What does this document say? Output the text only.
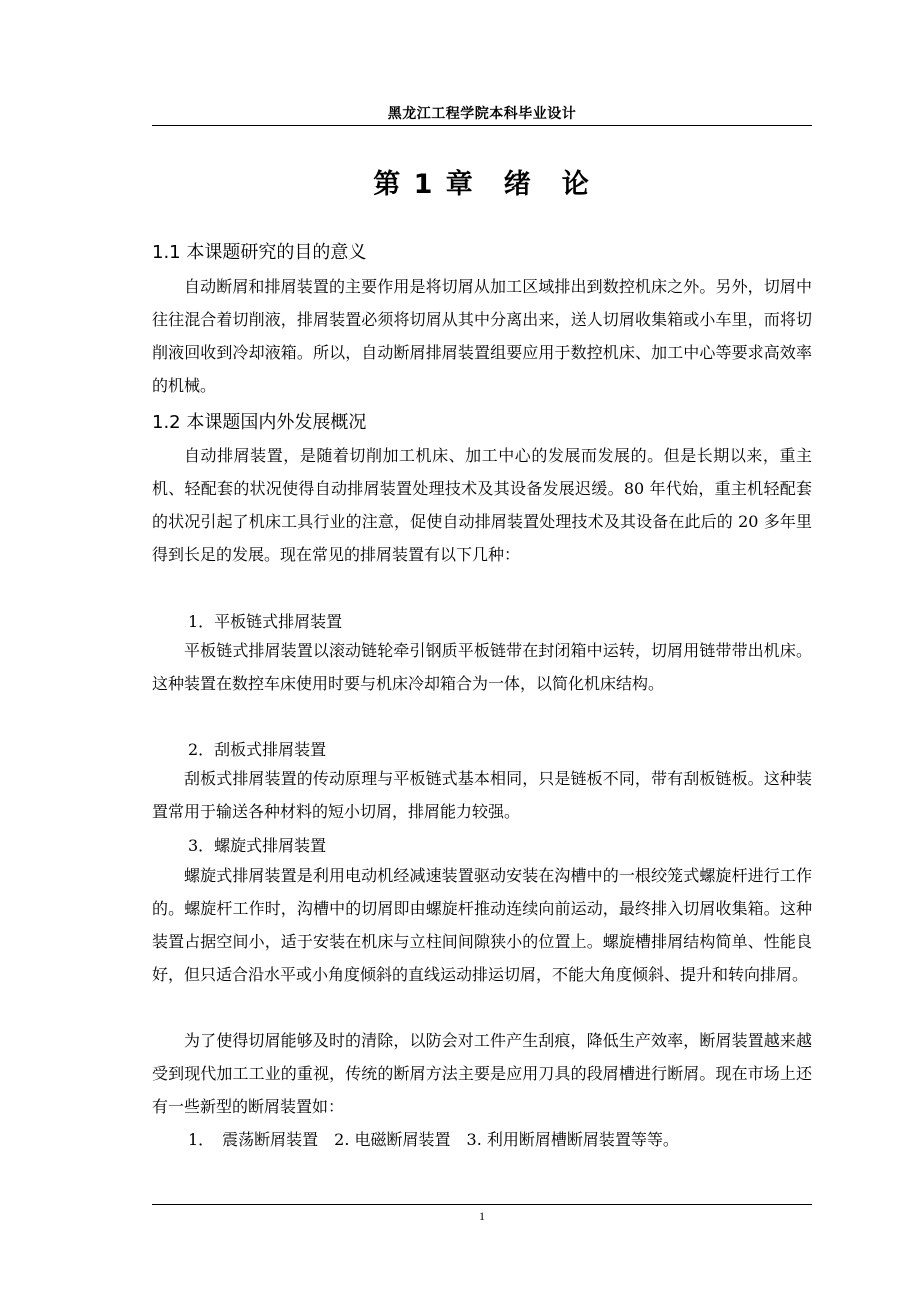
黑龙江工程学院本科毕业设计
第 1 章　绪　论
1.1 本课题研究的目的意义
自动断屑和排屑装置的主要作用是将切屑从加工区域排出到数控机床之外。另外，切屑中往往混合着切削液，排屑装置必须将切屑从其中分离出来，送人切屑收集箱或小车里，而将切削液回收到冷却液箱。所以，自动断屑排屑装置组要应用于数控机床、加工中心等要求高效率的机械。
1.2 本课题国内外发展概况
自动排屑装置，是随着切削加工机床、加工中心的发展而发展的。但是长期以来，重主机、轻配套的状况使得自动排屑装置处理技术及其设备发展迟缓。80 年代始，重主机轻配套的状况引起了机床工具行业的注意，促使自动排屑装置处理技术及其设备在此后的 20 多年里得到长足的发展。现在常见的排屑装置有以下几种：
1．平板链式排屑装置
平板链式排屑装置以滚动链轮牵引钢质平板链带在封闭箱中运转，切屑用链带带出机床。这种装置在数控车床使用时要与机床冷却箱合为一体，以简化机床结构。
2．刮板式排屑装置
刮板式排屑装置的传动原理与平板链式基本相同，只是链板不同，带有刮板链板。这种装置常用于输送各种材料的短小切屑，排屑能力较强。
3．螺旋式排屑装置
螺旋式排屑装置是利用电动机经减速装置驱动安装在沟槽中的一根绞笼式螺旋杆进行工作的。螺旋杆工作时，沟槽中的切屑即由螺旋杆推动连续向前运动，最终排入切屑收集箱。这种装置占据空间小，适于安装在机床与立柱间间隙狭小的位置上。螺旋槽排屑结构简单、性能良好，但只适合沿水平或小角度倾斜的直线运动排运切屑，不能大角度倾斜、提升和转向排屑。
为了使得切屑能够及时的清除，以防会对工件产生刮痕，降低生产效率，断屑装置越来越受到现代加工工业的重视，传统的断屑方法主要是应用刀具的段屑槽进行断屑。现在市场上还有一些新型的断屑装置如：
1．　震荡断屑装置　2. 电磁断屑装置　3. 利用断屑槽断屑装置等等。
1
